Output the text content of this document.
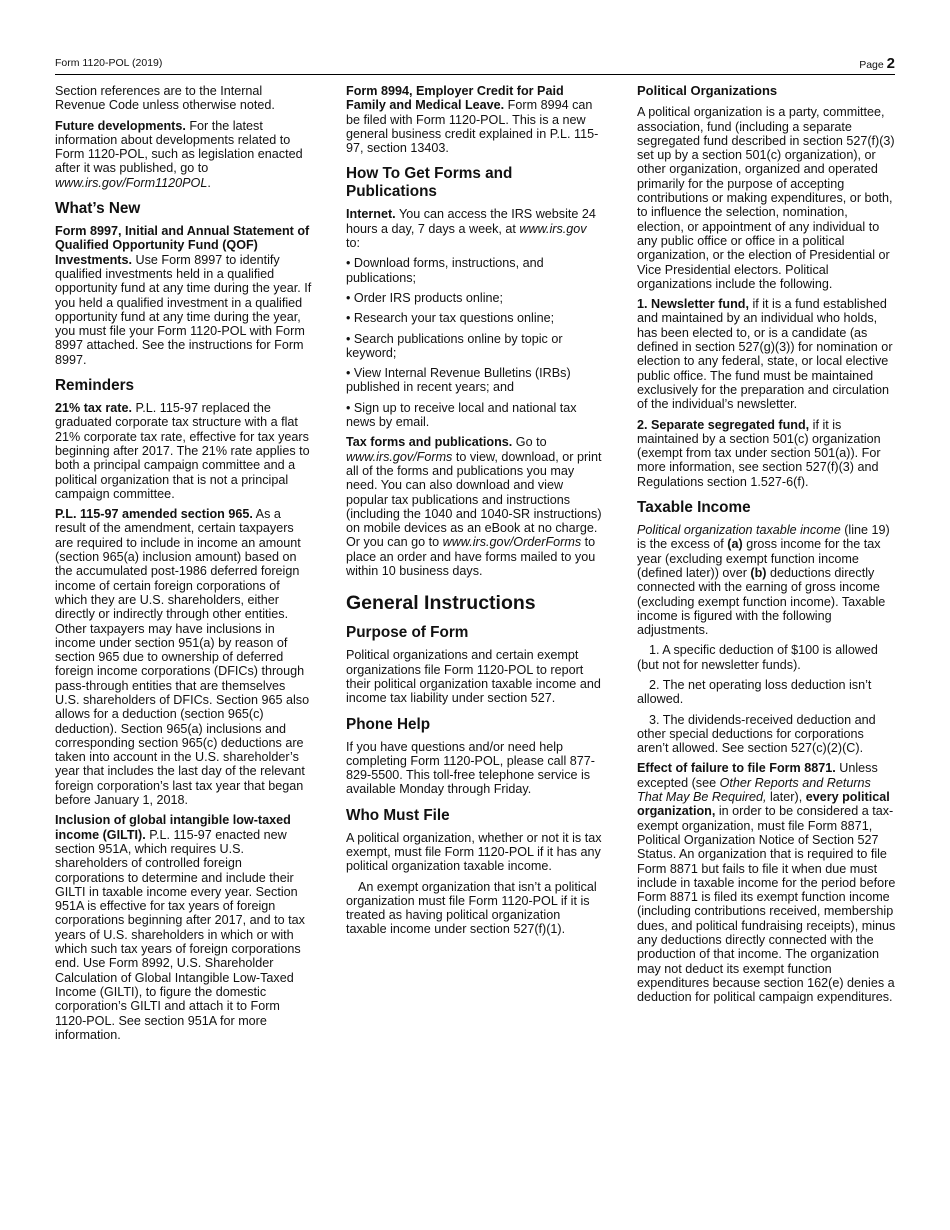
Form 1120-POL (2019)	Page 2

Section references are to the Internal Revenue Code unless otherwise noted.

Future developments. For the latest information about developments related to Form 1120-POL, such as legislation enacted after it was published, go to www.irs.gov/Form1120POL.

What’s New

Form 8997, Initial and Annual Statement of Qualified Opportunity Fund (QOF) Investments. Use Form 8997 to identify qualified investments held in a qualified opportunity fund at any time during the year. If you held a qualified investment in a qualified opportunity fund at any time during the year, you must file your Form 1120-POL with Form 8997 attached. See the instructions for Form 8997.

Reminders

21% tax rate. P.L. 115-97 replaced the graduated corporate tax structure with a flat 21% corporate tax rate, effective for tax years beginning after 2017. The 21% rate applies to both a principal campaign committee and a political organization that is not a principal campaign committee.

P.L. 115-97 amended section 965. As a result of the amendment, certain taxpayers are required to include in income an amount (section 965(a) inclusion amount) based on the accumulated post-1986 deferred foreign income of certain foreign corporations of which they are U.S. shareholders, either directly or indirectly through other entities. Other taxpayers may have inclusions in income under section 951(a) by reason of section 965 due to ownership of deferred foreign income corporations (DFICs) through pass-through entities that are themselves U.S. shareholders of DFICs. Section 965 also allows for a deduction (section 965(c) deduction). Section 965(a) inclusions and corresponding section 965(c) deductions are taken into account in the U.S. shareholder’s year that includes the last day of the relevant foreign corporation’s last tax year that began before January 1, 2018.

Inclusion of global intangible low-taxed income (GILTI). P.L. 115-97 enacted new section 951A, which requires U.S. shareholders of controlled foreign corporations to determine and include their GILTI in taxable income every year. Section 951A is effective for tax years of foreign corporations beginning after 2017, and to tax years of U.S. shareholders in which or with which such tax years of foreign corporations end. Use Form 8992, U.S. Shareholder Calculation of Global Intangible Low-Taxed Income (GILTI), to figure the domestic corporation’s GILTI and attach it to Form 1120-POL. See section 951A for more information.

Form 8994, Employer Credit for Paid Family and Medical Leave. Form 8994 can be filed with Form 1120-POL. This is a new general business credit explained in P.L. 115-97, section 13403.

How To Get Forms and Publications

Internet. You can access the IRS website 24 hours a day, 7 days a week, at www.irs.gov to:

• Download forms, instructions, and publications;

• Order IRS products online;

• Research your tax questions online;

• Search publications online by topic or keyword;

• View Internal Revenue Bulletins (IRBs) published in recent years; and

• Sign up to receive local and national tax news by email.

Tax forms and publications. Go to www.irs.gov/Forms to view, download, or print all of the forms and publications you may need. You can also download and view popular tax publications and instructions (including the 1040 and 1040-SR instructions) on mobile devices as an eBook at no charge. Or you can go to www.irs.gov/OrderForms to place an order and have forms mailed to you within 10 business days.

General Instructions
Purpose of Form

Political organizations and certain exempt organizations file Form 1120-POL to report their political organization taxable income and income tax liability under section 527.

Phone Help

If you have questions and/or need help completing Form 1120-POL, please call 877-829-5500. This toll-free telephone service is available Monday through Friday.

Who Must File

A political organization, whether or not it is tax exempt, must file Form 1120-POL if it has any political organization taxable income.

An exempt organization that isn’t a political organization must file Form 1120-POL if it is treated as having political organization taxable income under section 527(f)(1).

Political Organizations

A political organization is a party, committee, association, fund (including a separate segregated fund described in section 527(f)(3) set up by a section 501(c) organization), or other organization, organized and operated primarily for the purpose of accepting contributions or making expenditures, or both, to influence the selection, nomination, election, or appointment of any individual to any public office or office in a political organization, or the election of Presidential or Vice Presidential electors. Political organizations include the following.

1. Newsletter fund, if it is a fund established and maintained by an individual who holds, has been elected to, or is a candidate (as defined in section 527(g)(3)) for nomination or election to any federal, state, or local elective public office. The fund must be maintained exclusively for the preparation and circulation of the individual’s newsletter.

2. Separate segregated fund, if it is maintained by a section 501(c) organization (exempt from tax under section 501(a)). For more information, see section 527(f)(3) and Regulations section 1.527-6(f).

Taxable Income

Political organization taxable income (line 19) is the excess of (a) gross income for the tax year (excluding exempt function income (defined later)) over (b) deductions directly connected with the earning of gross income (excluding exempt function income). Taxable income is figured with the following adjustments.

1. A specific deduction of $100 is allowed (but not for newsletter funds).

2. The net operating loss deduction isn’t allowed.

3. The dividends-received deduction and other special deductions for corporations aren’t allowed. See section 527(c)(2)(C).

Effect of failure to file Form 8871. Unless excepted (see Other Reports and Returns That May Be Required, later), every political organization, in order to be considered a tax-exempt organization, must file Form 8871, Political Organization Notice of Section 527 Status. An organization that is required to file Form 8871 but fails to file it when due must include in taxable income for the period before Form 8871 is filed its exempt function income (including contributions received, membership dues, and political fundraising receipts), minus any deductions directly connected with the production of that income. The organization may not deduct its exempt function expenditures because section 162(e) denies a deduction for political campaign expenditures.
